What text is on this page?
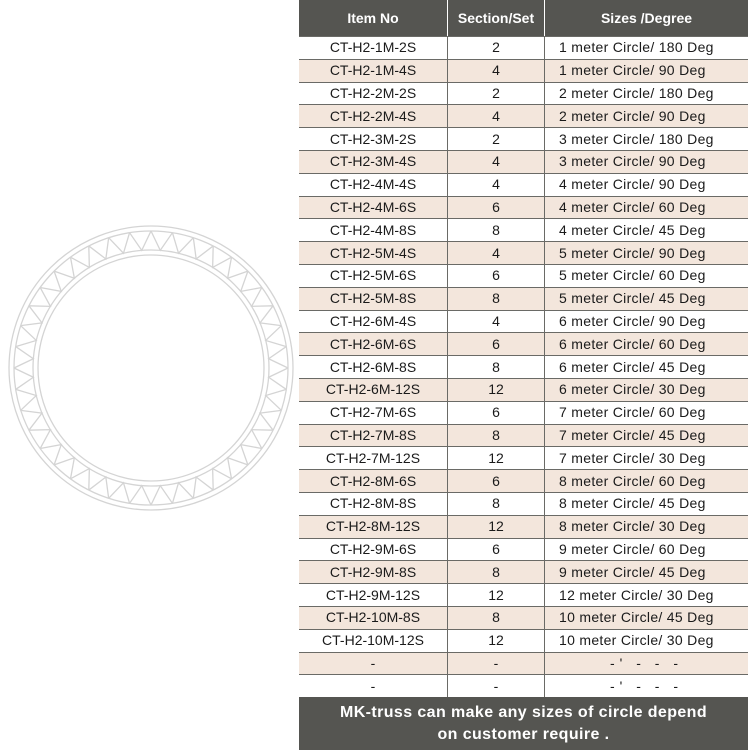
Item No	Section/Set	Sizes /Degree
CT-H2-1M-2S	2	1 meter Circle/ 180 Deg
CT-H2-1M-4S	4	1 meter Circle/ 90 Deg
CT-H2-2M-2S	2	2 meter Circle/ 180 Deg
CT-H2-2M-4S	4	2 meter Circle/ 90 Deg
CT-H2-3M-2S	2	3 meter Circle/ 180 Deg
CT-H2-3M-4S	4	3 meter Circle/ 90 Deg
CT-H2-4M-4S	4	4 meter Circle/ 90 Deg
CT-H2-4M-6S	6	4 meter Circle/ 60 Deg
CT-H2-4M-8S	8	4 meter Circle/ 45 Deg
CT-H2-5M-4S	4	5 meter Circle/ 90 Deg
CT-H2-5M-6S	6	5 meter Circle/ 60 Deg
CT-H2-5M-8S	8	5 meter Circle/ 45 Deg
CT-H2-6M-4S	4	6 meter Circle/ 90 Deg
CT-H2-6M-6S	6	6 meter Circle/ 60 Deg
CT-H2-6M-8S	8	6 meter Circle/ 45 Deg
CT-H2-6M-12S	12	6 meter Circle/ 30 Deg
CT-H2-7M-6S	6	7 meter Circle/ 60 Deg
CT-H2-7M-8S	8	7 meter Circle/ 45 Deg
CT-H2-7M-12S	12	7 meter Circle/ 30 Deg
CT-H2-8M-6S	6	8 meter Circle/ 60 Deg
CT-H2-8M-8S	8	8 meter Circle/ 45 Deg
CT-H2-8M-12S	12	8 meter Circle/ 30 Deg
CT-H2-9M-6S	6	9 meter Circle/ 60 Deg
CT-H2-9M-8S	8	9 meter Circle/ 45 Deg
CT-H2-9M-12S	12	12 meter Circle/ 30 Deg
CT-H2-10M-8S	8	10 meter Circle/ 45 Deg
CT-H2-10M-12S	12	10 meter Circle/ 30 Deg
-	-	-' - - -
-	-	-' - - -
MK-truss can make any sizes of circle depend
on customer require .
